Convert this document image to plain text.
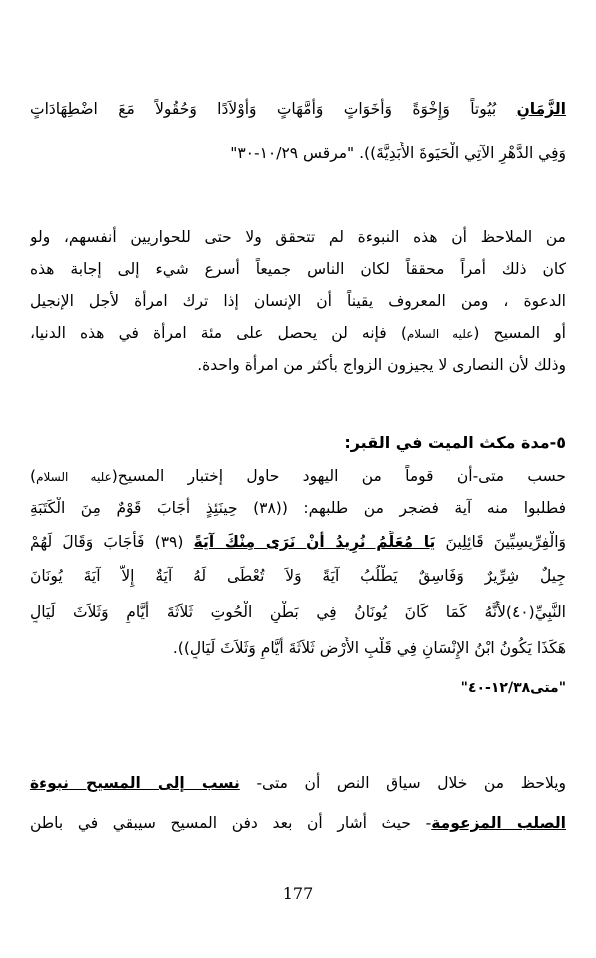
الزَّمَانِ بُيُوتاً وَإِخْوَةً وَأَخَوَاتٍ وَأُمَّهَاتٍ وَأَوْلاَدًا وَحُقُولاً مَعَ اضْطِهَادَاتٍ
وَفِي الدَّهْرِ الآتِي الْحَيَوةَ الأَبَدِيَّةَ)). "مرقس ١٠/٢٩-٣٠"
من الملاحظ أن هذه النبوءة لم تتحقق ولا حتى للحواريين أنفسهم، ولو
كان ذلك أمراً محققاً لكان الناس جميعاً أسرع شيء إلى إجابة هذه
الدعوة ، ومن المعروف يقيناً أن الإنسان إذا ترك امرأة لأجل الإنجيل
أو المسيح (عليه السلام) فإنه لن يحصل على مئة امرأة في هذه الدنيا،
وذلك لأن النصارى لا يجيزون الزواج بأكثر من امرأة واحدة.
٥-مدة مكث الميت في القبر:
حسب متى-أن قوماً من اليهود حاول إختبار المسيح(عليه السلام)
فطلبوا منه آية فضجر من طلبهم: ((٣٨) حِينَئِذٍ أَجَابَ قَوْمٌ مِنَ الْكَتَبَةِ
وَالْفِرِّيسِيِّينَ قَائِلِينَ يَا مُعَلِّمُ نُرِيدُ أَنْ نَرَى مِنْكَ آيَةً (٣٩) فَأَجَابَ وَقَالَ لَهُمْ
جِيلٌ شِرِّيرٌ وَفَاسِقٌ يَطْلُبُ آيَةً وَلاَ تُعْطَى لَهُ آيَةٌ إِلاَّ آيَةَ يُونَانَ
النَّبِيِّ(٤٠)لأَنَّهُ كَمَا كَانَ يُونَانُ فِي بَطْنِ الْحُوتِ ثَلاَثَةَ أَيَّامٍ وَثَلاَثَ لَيَالٍ
هَكَذَا يَكُونُ ابْنُ الإِنْسَانِ فِي قَلْبِ الأَرْضِ ثَلاَثَةَ أَيَّامٍ وَثَلاَثَ لَيَالٍ)).
"متى١٢/٣٨-٤٠"
ويلاحظ من خلال سياق النص أن متى- نسب إلى المسيح نبوءة
الصلب المزعومة- حيث أشار أن بعد دفن المسيح سيبقي في باطن
177
